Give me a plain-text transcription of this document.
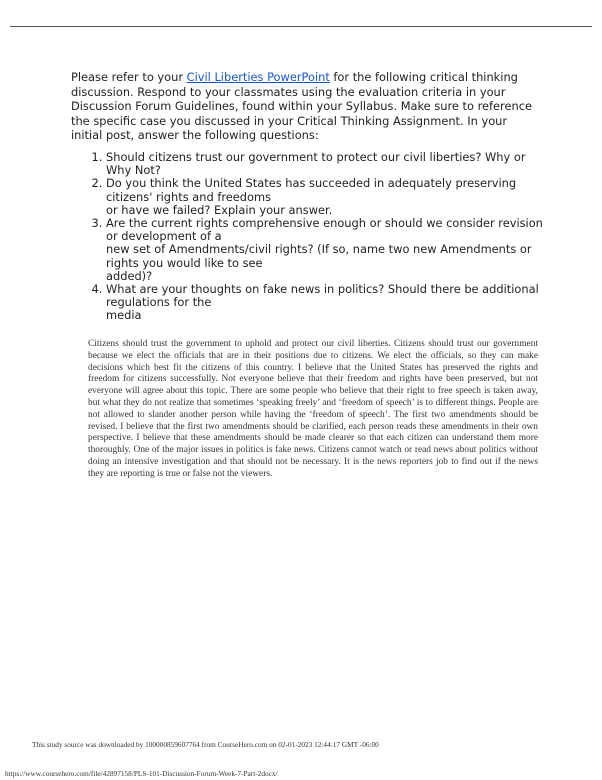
Please refer to your Civil Liberties PowerPoint for the following critical thinking discussion. Respond to your classmates using the evaluation criteria in your Discussion Forum Guidelines, found within your Syllabus. Make sure to reference the specific case you discussed in your Critical Thinking Assignment. In your initial post, answer the following questions:
1. Should citizens trust our government to protect our civil liberties? Why or Why Not?
2. Do you think the United States has succeeded in adequately preserving citizens' rights and freedoms
or have we failed? Explain your answer.
3. Are the current rights comprehensive enough or should we consider revision or development of a
new set of Amendments/civil rights? (If so, name two new Amendments or rights you would like to see
added)?
4. What are your thoughts on fake news in politics? Should there be additional regulations for the
media
Citizens should trust the government to uphold and protect our civil liberties. Citizens should trust our government because we elect the officials that are in their positions due to citizens. We elect the officials, so they can make decisions which best fit the citizens of this country. I believe that the United States has preserved the rights and freedom for citizens successfully. Not everyone believe that their freedom and rights have been preserved, but not everyone will agree about this topic. There are some people who believe that their right to free speech is taken away, but what they do not realize that sometimes ‘speaking freely’ and ‘freedom of speech’ is to different things. People are not allowed to slander another person while having the ‘freedom of speech’. The first two amendments should be revised. I believe that the first two amendments should be clarified, each person reads these amendments in their own perspective. I believe that these amendments should be made clearer so that each citizen can understand them more thoroughly. One of the major issues in politics is fake news. Citizens cannot watch or read news about politics without doing an intensive investigation and that should not be necessary. It is the news reporters job to find out if the news they are reporting is true or false not the viewers.
This study source was downloaded by 100000859607764 from CourseHero.com on 02-01-2023 12:44:17 GMT -06:00
https://www.coursehero.com/file/42897158/PLS-101-Discussion-Forum-Week-7-Part-2docx/
